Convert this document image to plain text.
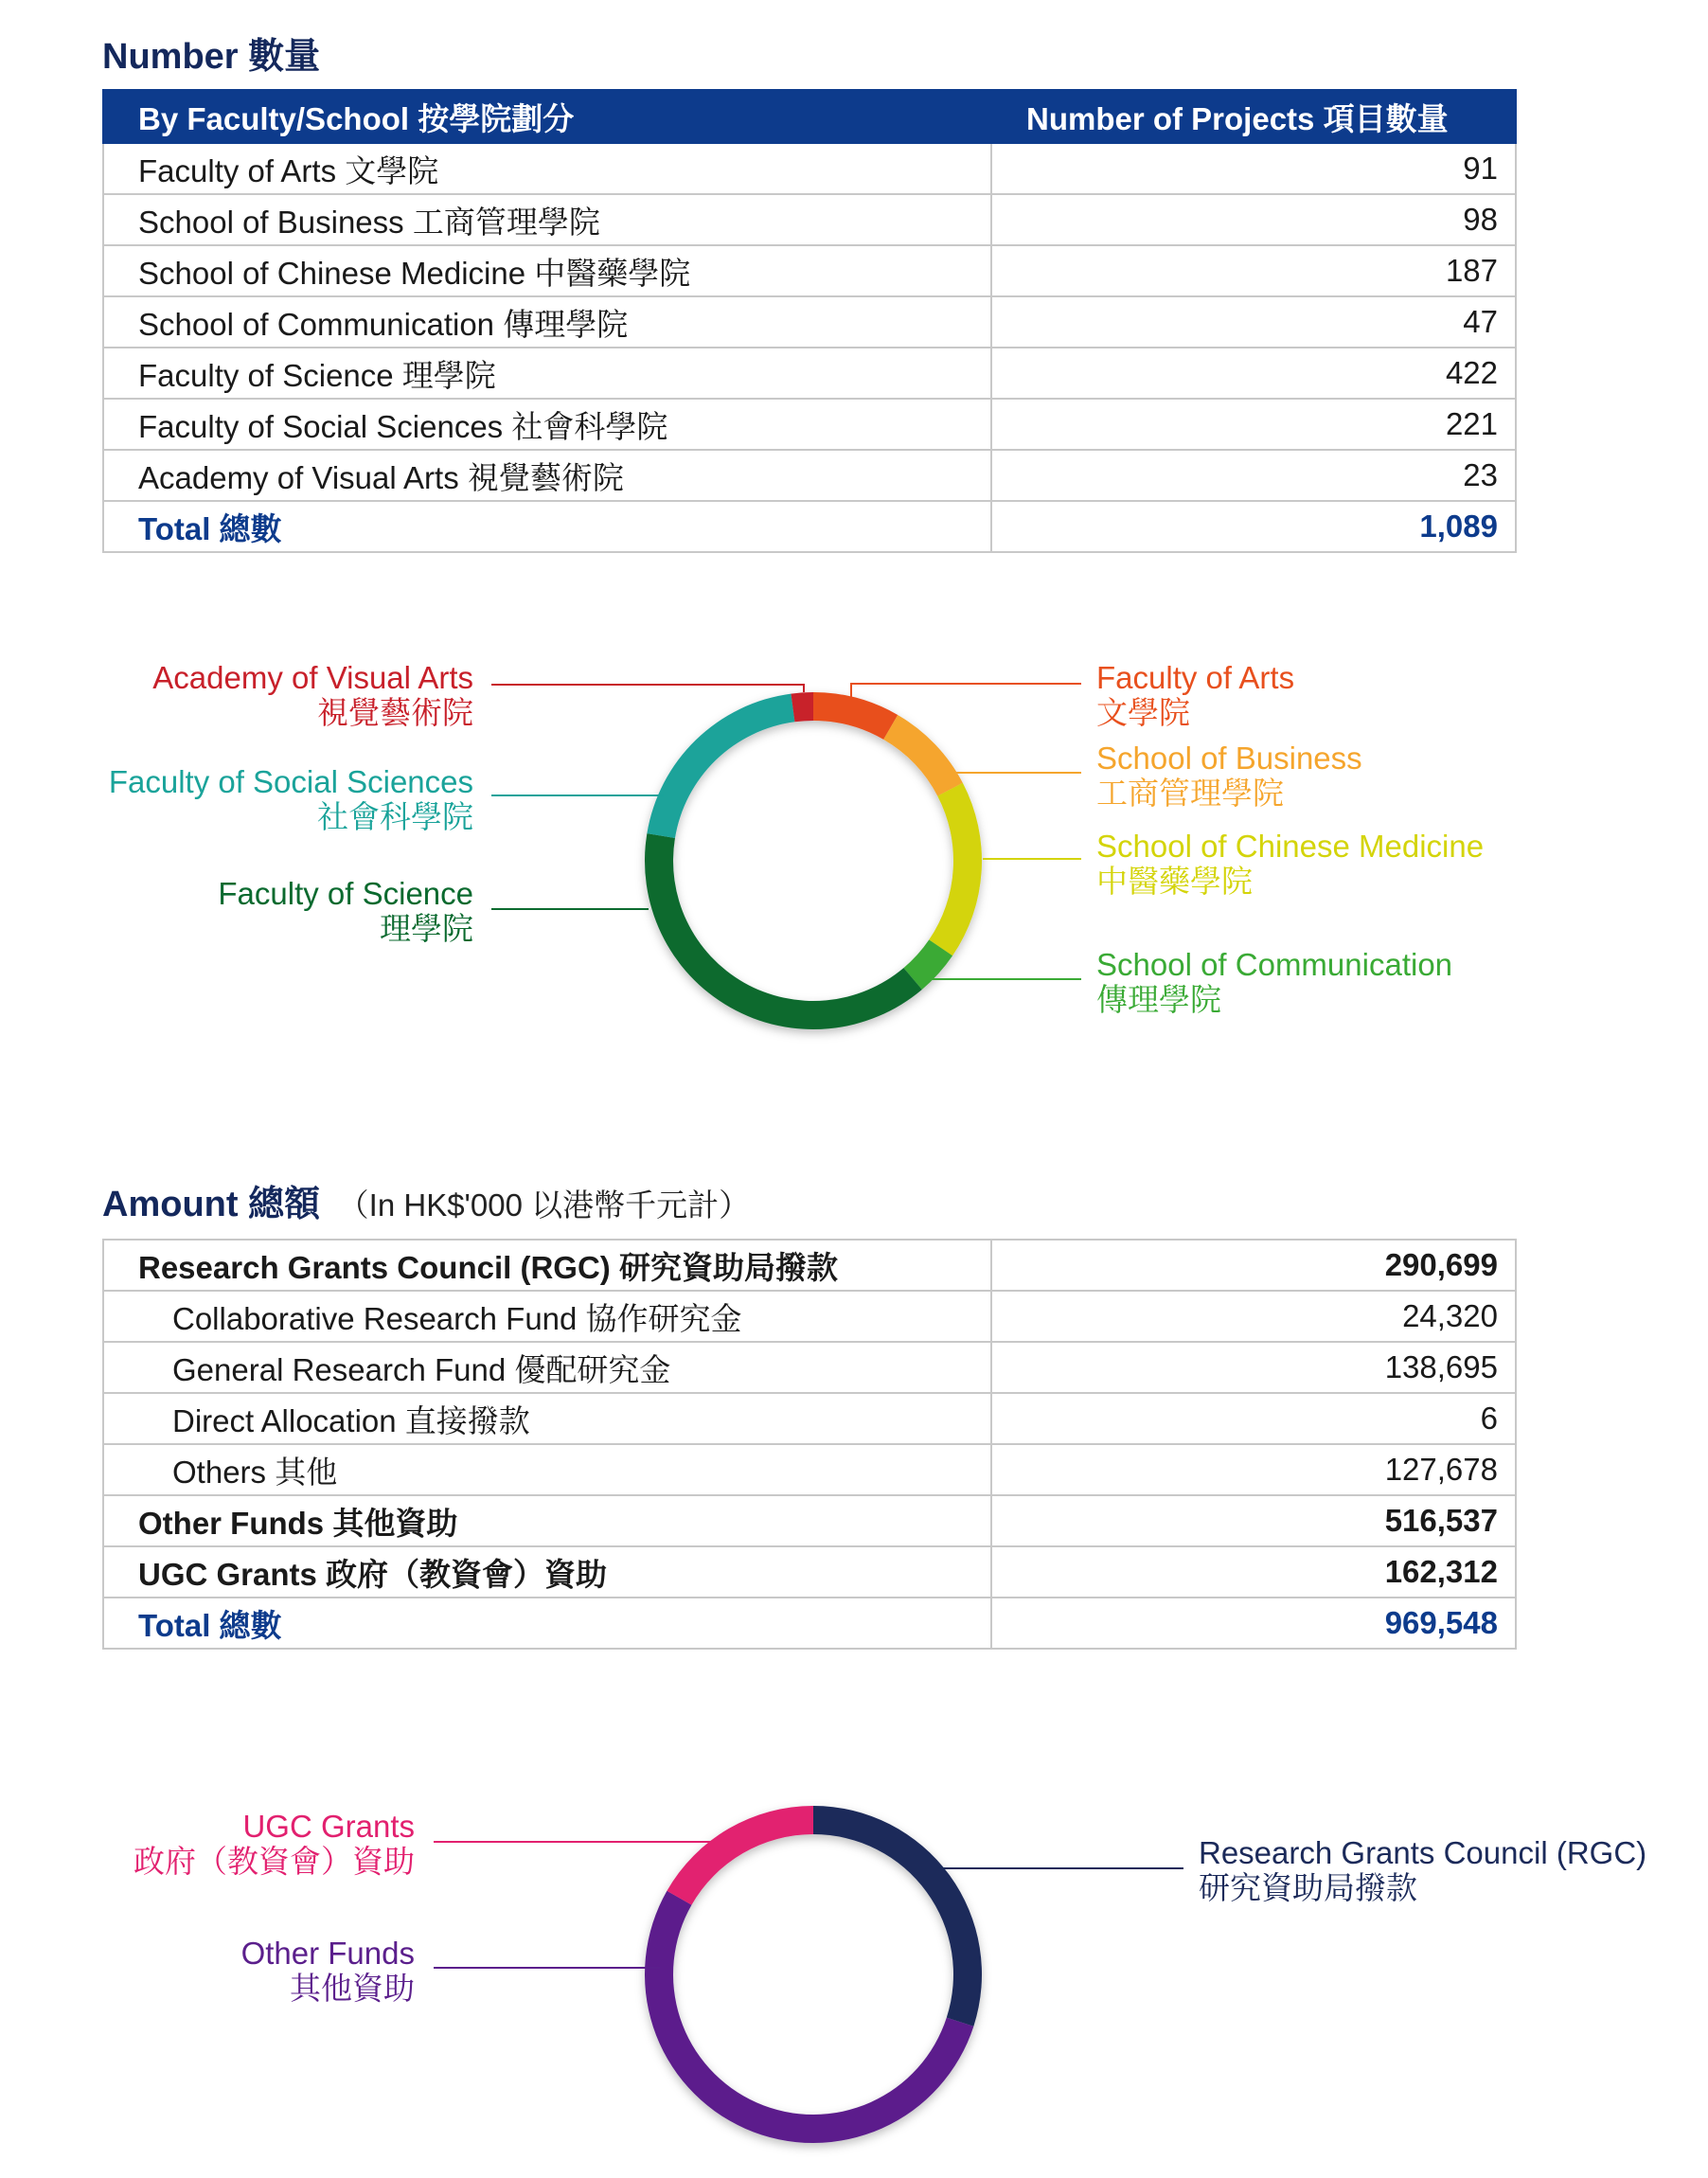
Number 數量
By Faculty/School 按學院劃分	Number of Projects 項目數量
Faculty of Arts 文學院	91
School of Business 工商管理學院	98
School of Chinese Medicine 中醫藥學院	187
School of Communication 傳理學院	47
Faculty of Science 理學院	422
Faculty of Social Sciences 社會科學院	221
Academy of Visual Arts 視覺藝術院	23
Total 總數	1,089
Faculty of Arts
文學院
School of Business
工商管理學院
School of Chinese Medicine
中醫藥學院
School of Communication
傳理學院
Faculty of Science
理學院
Faculty of Social Sciences
社會科學院
Academy of Visual Arts
視覺藝術院
Amount 總額 （In HK$'000 以港幣千元計）
Research Grants Council (RGC) 研究資助局撥款	290,699
Collaborative Research Fund 協作研究金	24,320
General Research Fund 優配研究金	138,695
Direct Allocation 直接撥款	6
Others 其他	127,678
Other Funds 其他資助	516,537
UGC Grants 政府（教資會）資助	162,312
Total 總數	969,548
Research Grants Council (RGC)
研究資助局撥款
Other Funds
其他資助
UGC Grants
政府（教資會）資助
